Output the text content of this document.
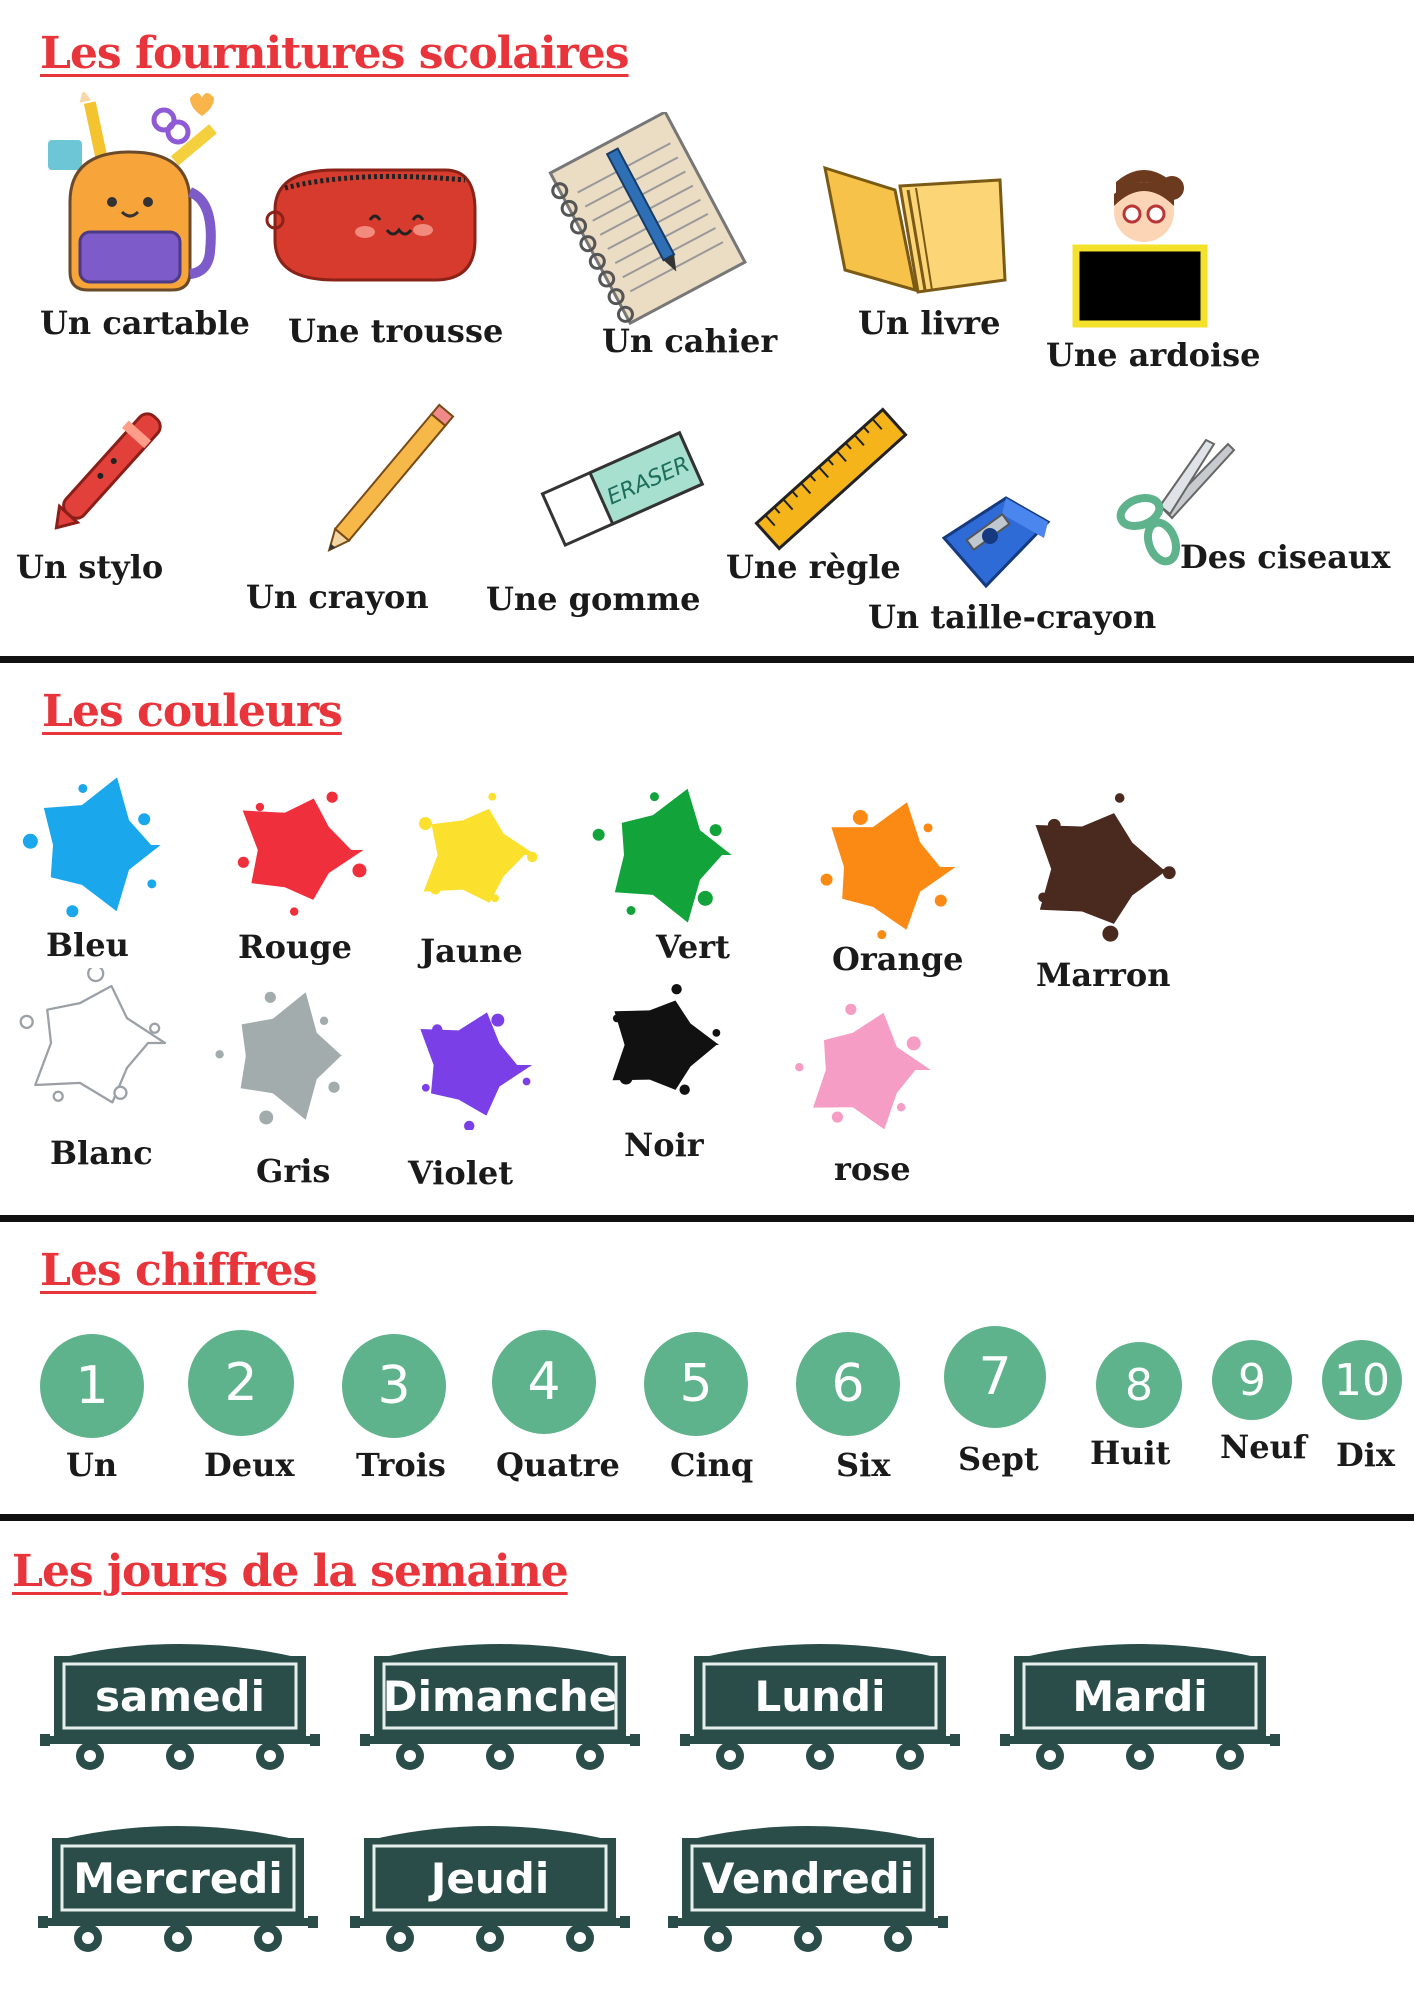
Les fournitures scolaires
Un cartable Une trousse	Un cahier	Un livre
Une ardoise
Un stylo
Un crayon
ERASER
Une gomme
Une règle
Un taille-crayon
Des ciseaux
Les couleurs
Bleu	Rouge Jaune	Vert	Orange Marron
Blanc	Gris Violet
Noir
rose
Les chiffres
1
Un
2
Deux
3
Trois
4
Quatre
5
Cinq
6
Six
7
Sept
8
Huit
9
Neuf
10
Dix
Les jours de la semaine
samedi	Dimanche	Lundi	Mardi
Mercredi	Jeudi	Vendredi
